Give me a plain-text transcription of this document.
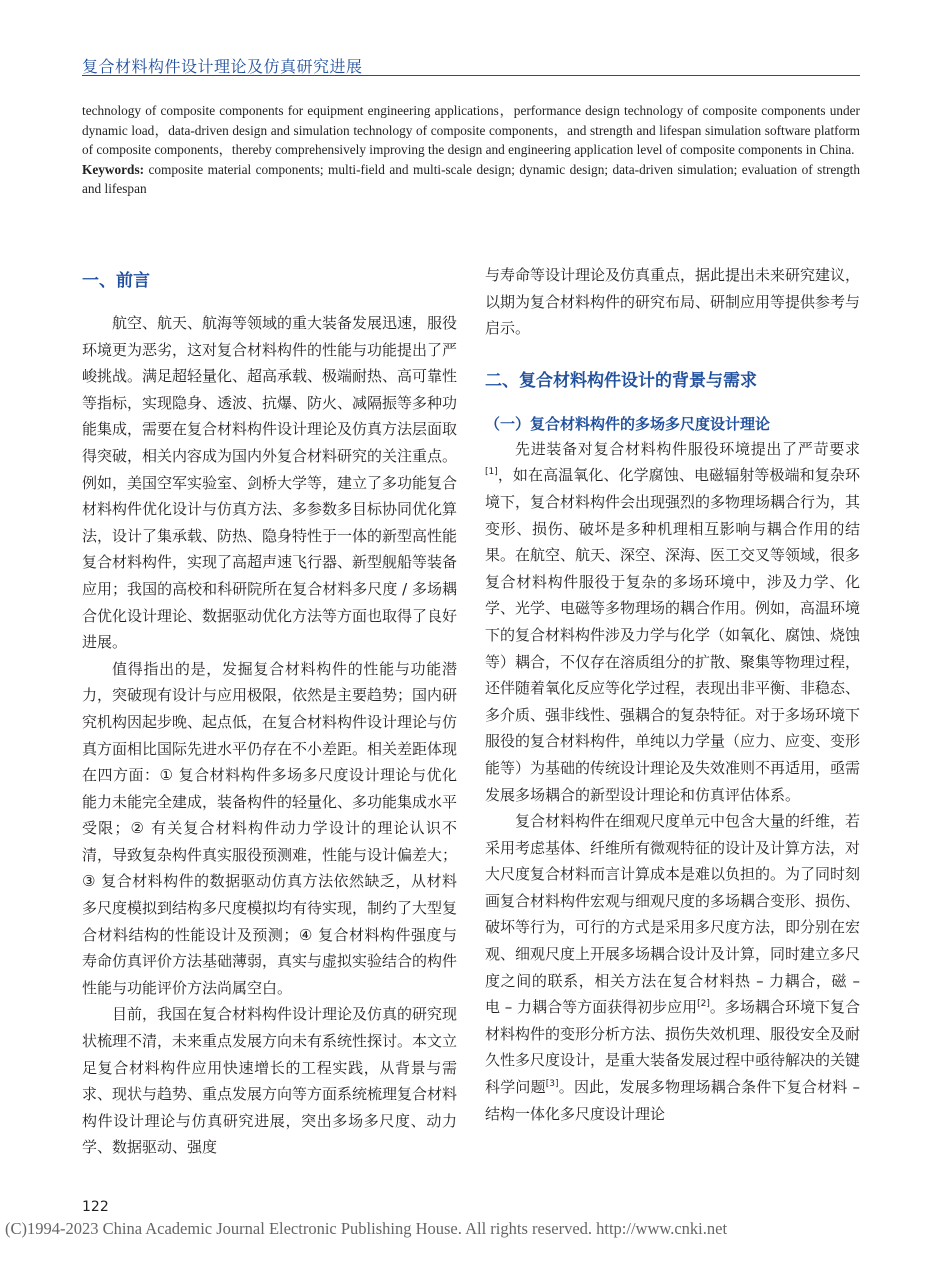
复合材料构件设计理论及仿真研究进展

technology of composite components for equipment engineering applications，performance design technology of composite components under dynamic load，data-driven design and simulation technology of composite components，and strength and lifespan simulation software platform of composite components，thereby comprehensively improving the design and engineering application level of composite components in China.

Keywords: composite material components; multi-field and multi-scale design; dynamic design; data-driven simulation; evaluation of strength and lifespan

一、前言

航空、航天、航海等领域的重大装备发展迅速，服役环境更为恶劣，这对复合材料构件的性能与功能提出了严峻挑战。满足超轻量化、超高承载、极端耐热、高可靠性等指标，实现隐身、透波、抗爆、防火、减隔振等多种功能集成，需要在复合材料构件设计理论及仿真方法层面取得突破，相关内容成为国内外复合材料研究的关注重点。例如，美国空军实验室、剑桥大学等，建立了多功能复合材料构件优化设计与仿真方法、多参数多目标协同优化算法，设计了集承载、防热、隐身特性于一体的新型高性能复合材料构件，实现了高超声速飞行器、新型舰船等装备应用；我国的高校和科研院所在复合材料多尺度 / 多场耦合优化设计理论、数据驱动优化方法等方面也取得了良好进展。

值得指出的是，发掘复合材料构件的性能与功能潜力，突破现有设计与应用极限，依然是主要趋势；国内研究机构因起步晚、起点低，在复合材料构件设计理论与仿真方面相比国际先进水平仍存在不小差距。相关差距体现在四方面：① 复合材料构件多场多尺度设计理论与优化能力未能完全建成，装备构件的轻量化、多功能集成水平受限；② 有关复合材料构件动力学设计的理论认识不清，导致复杂构件真实服役预测难，性能与设计偏差大；③ 复合材料构件的数据驱动仿真方法依然缺乏，从材料多尺度模拟到结构多尺度模拟均有待实现，制约了大型复合材料结构的性能设计及预测；④ 复合材料构件强度与寿命仿真评价方法基础薄弱，真实与虚拟实验结合的构件性能与功能评价方法尚属空白。

目前，我国在复合材料构件设计理论及仿真的研究现状梳理不清，未来重点发展方向未有系统性探讨。本文立足复合材料构件应用快速增长的工程实践，从背景与需求、现状与趋势、重点发展方向等方面系统梳理复合材料构件设计理论与仿真研究进展，突出多场多尺度、动力学、数据驱动、强度

与寿命等设计理论及仿真重点，据此提出未来研究建议，以期为复合材料构件的研究布局、研制应用等提供参考与启示。

二、复合材料构件设计的背景与需求
（一）复合材料构件的多场多尺度设计理论

先进装备对复合材料构件服役环境提出了严苛要求[1]，如在高温氧化、化学腐蚀、电磁辐射等极端和复杂环境下，复合材料构件会出现强烈的多物理场耦合行为，其变形、损伤、破坏是多种机理相互影响与耦合作用的结果。在航空、航天、深空、深海、医工交叉等领域，很多复合材料构件服役于复杂的多场环境中，涉及力学、化学、光学、电磁等多物理场的耦合作用。例如，高温环境下的复合材料构件涉及力学与化学（如氧化、腐蚀、烧蚀等）耦合，不仅存在溶质组分的扩散、聚集等物理过程，还伴随着氧化反应等化学过程，表现出非平衡、非稳态、多介质、强非线性、强耦合的复杂特征。对于多场环境下服役的复合材料构件，单纯以力学量（应力、应变、变形能等）为基础的传统设计理论及失效准则不再适用，亟需发展多场耦合的新型设计理论和仿真评估体系。

复合材料构件在细观尺度单元中包含大量的纤维，若采用考虑基体、纤维所有微观特征的设计及计算方法，对大尺度复合材料而言计算成本是难以负担的。为了同时刻画复合材料构件宏观与细观尺度的多场耦合变形、损伤、破坏等行为，可行的方式是采用多尺度方法，即分别在宏观、细观尺度上开展多场耦合设计及计算，同时建立多尺度之间的联系，相关方法在复合材料热 – 力耦合，磁 – 电 – 力耦合等方面获得初步应用[2]。多场耦合环境下复合材料构件的变形分析方法、损伤失效机理、服役安全及耐久性多尺度设计，是重大装备发展过程中亟待解决的关键科学问题[3]。因此，发展多物理场耦合条件下复合材料 – 结构一体化多尺度设计理论

122
(C)1994-2023 China Academic Journal Electronic Publishing House. All rights reserved. http://www.cnki.net
